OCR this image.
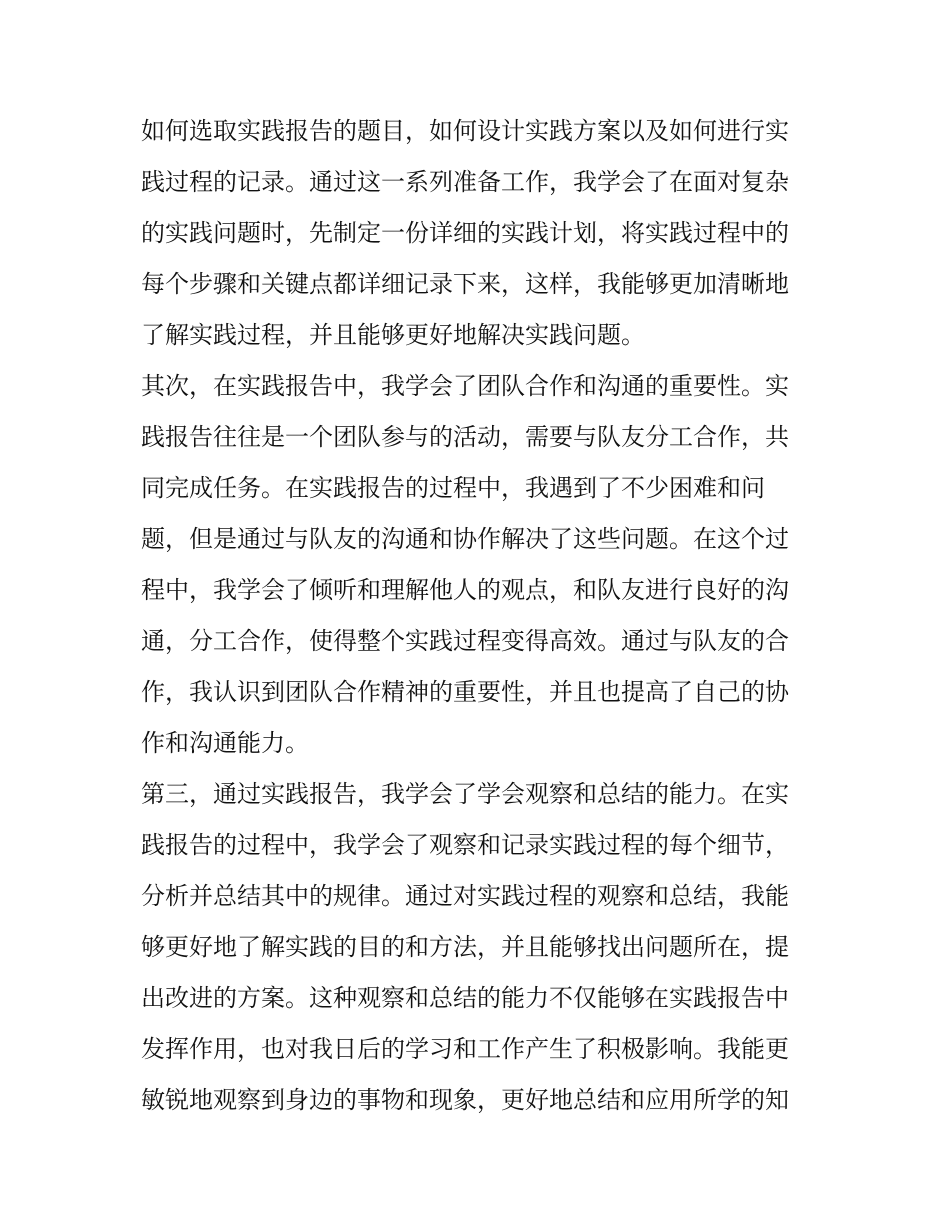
如何选取实践报告的题目，如何设计实践方案以及如何进行实
践过程的记录。通过这一系列准备工作，我学会了在面对复杂
的实践问题时，先制定一份详细的实践计划，将实践过程中的
每个步骤和关键点都详细记录下来，这样，我能够更加清晰地
了解实践过程，并且能够更好地解决实践问题。
其次，在实践报告中，我学会了团队合作和沟通的重要性。实
践报告往往是一个团队参与的活动，需要与队友分工合作，共
同完成任务。在实践报告的过程中，我遇到了不少困难和问
题，但是通过与队友的沟通和协作解决了这些问题。在这个过
程中，我学会了倾听和理解他人的观点，和队友进行良好的沟
通，分工合作，使得整个实践过程变得高效。通过与队友的合
作，我认识到团队合作精神的重要性，并且也提高了自己的协
作和沟通能力。
第三，通过实践报告，我学会了学会观察和总结的能力。在实
践报告的过程中，我学会了观察和记录实践过程的每个细节，
分析并总结其中的规律。通过对实践过程的观察和总结，我能
够更好地了解实践的目的和方法，并且能够找出问题所在，提
出改进的方案。这种观察和总结的能力不仅能够在实践报告中
发挥作用，也对我日后的学习和工作产生了积极影响。我能更
敏锐地观察到身边的事物和现象，更好地总结和应用所学的知
